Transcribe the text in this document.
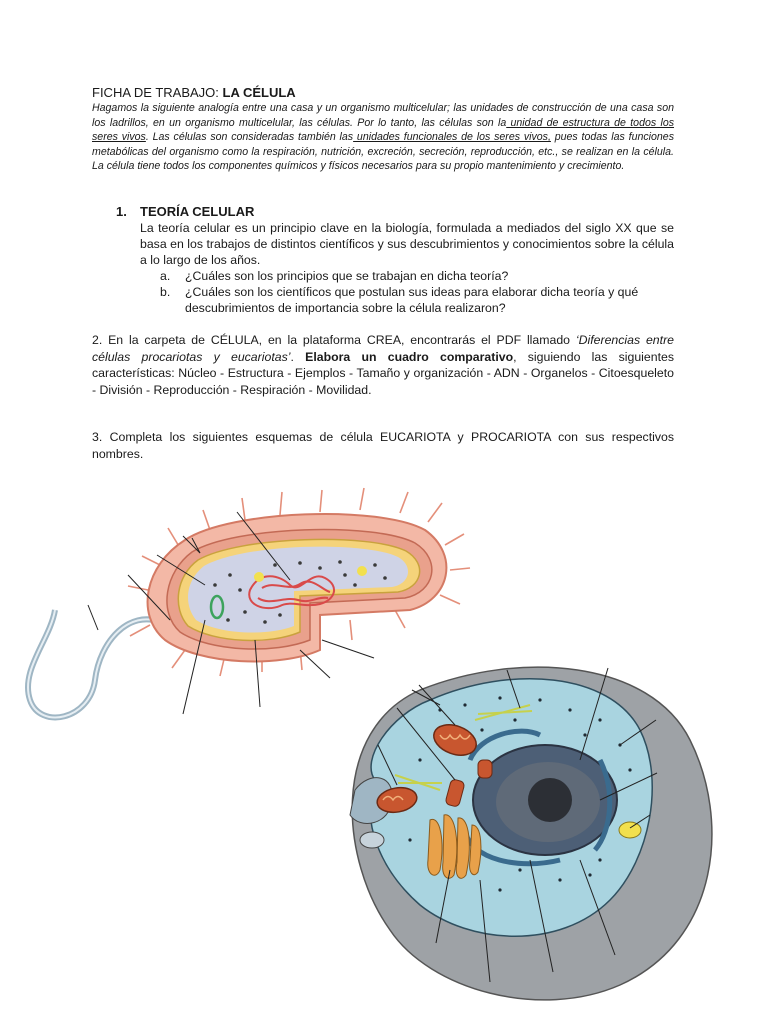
FICHA DE TRABAJO: LA CÉLULA
Hagamos la siguiente analogía entre una casa y un organismo multicelular; las unidades de construcción de una casa son los ladrillos, en un organismo multicelular, las células. Por lo tanto, las células son la unidad de estructura de todos los seres vivos. Las células son consideradas también las unidades funcionales de los seres vivos, pues todas las funciones metabólicas del organismo como la respiración, nutrición, excreción, secreción, reproducción, etc., se realizan en la célula. La célula tiene todos los componentes químicos y físicos necesarios para su propio mantenimiento y crecimiento.
1. TEORÍA CELULAR
La teoría celular es un principio clave en la biología, formulada a mediados del siglo XX que se basa en los trabajos de distintos científicos y sus descubrimientos y conocimientos sobre la célula a lo largo de los años.
a.	¿Cuáles son los principios que se trabajan en dicha teoría?
b.	¿Cuáles son los científicos que postulan sus ideas para elaborar dicha teoría y qué descubrimientos de importancia sobre la célula realizaron?
2. En la carpeta de CÉLULA, en la plataforma CREA, encontrarás el PDF llamado ‘Diferencias entre células procariotas y eucariotas’. Elabora un cuadro comparativo, siguiendo las siguientes características: Núcleo - Estructura - Ejemplos - Tamaño y organización - ADN - Organelos - Citoesqueleto - División - Reproducción - Respiración - Movilidad.
3. Completa los siguientes esquemas de célula EUCARIOTA y PROCARIOTA con sus respectivos nombres.
